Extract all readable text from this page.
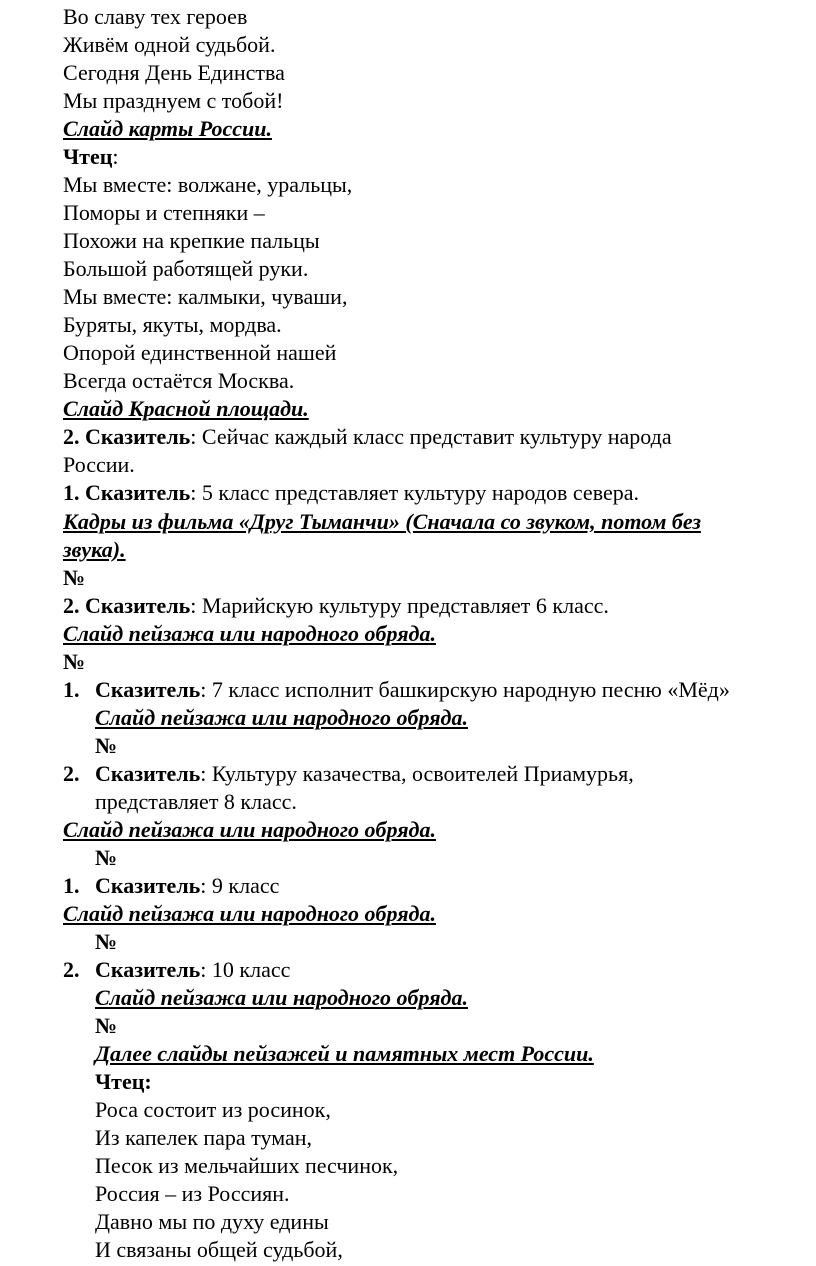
Во славу тех героев
Живём одной судьбой.
Сегодня День Единства
Мы празднуем с тобой!
Слайд карты России.
Чтец:
Мы вместе: волжане, уральцы,
Поморы и степняки –
Похожи на крепкие пальцы
Большой работящей руки.
Мы вместе: калмыки, чуваши,
Буряты, якуты, мордва.
Опорой единственной нашей
Всегда остаётся Москва.
Слайд Красной площади.
2. Сказитель: Сейчас каждый класс представит культуру народа
России.
1. Сказитель: 5 класс представляет культуру народов севера.
Кадры из фильма «Друг Тыманчи» (Сначала со звуком, потом без
звука).
№
2. Сказитель: Марийскую культуру представляет 6 класс.
Слайд пейзажа или народного обряда.
№
1. Сказитель: 7 класс исполнит башкирскую народную песню «Мёд»
Слайд пейзажа или народного обряда.
№
2. Сказитель: Культуру казачества, освоителей Приамурья,
представляет 8 класс.
Слайд пейзажа или народного обряда.
№
1. Сказитель: 9 класс
Слайд пейзажа или народного обряда.
№
2. Сказитель: 10 класс
Слайд пейзажа или народного обряда.
№
Далее слайды пейзажей и памятных мест России.
Чтец:
Роса состоит из росинок,
Из капелек пара туман,
Песок из мельчайших песчинок,
Россия – из Россиян.
Давно мы по духу едины
И связаны общей судьбой,
